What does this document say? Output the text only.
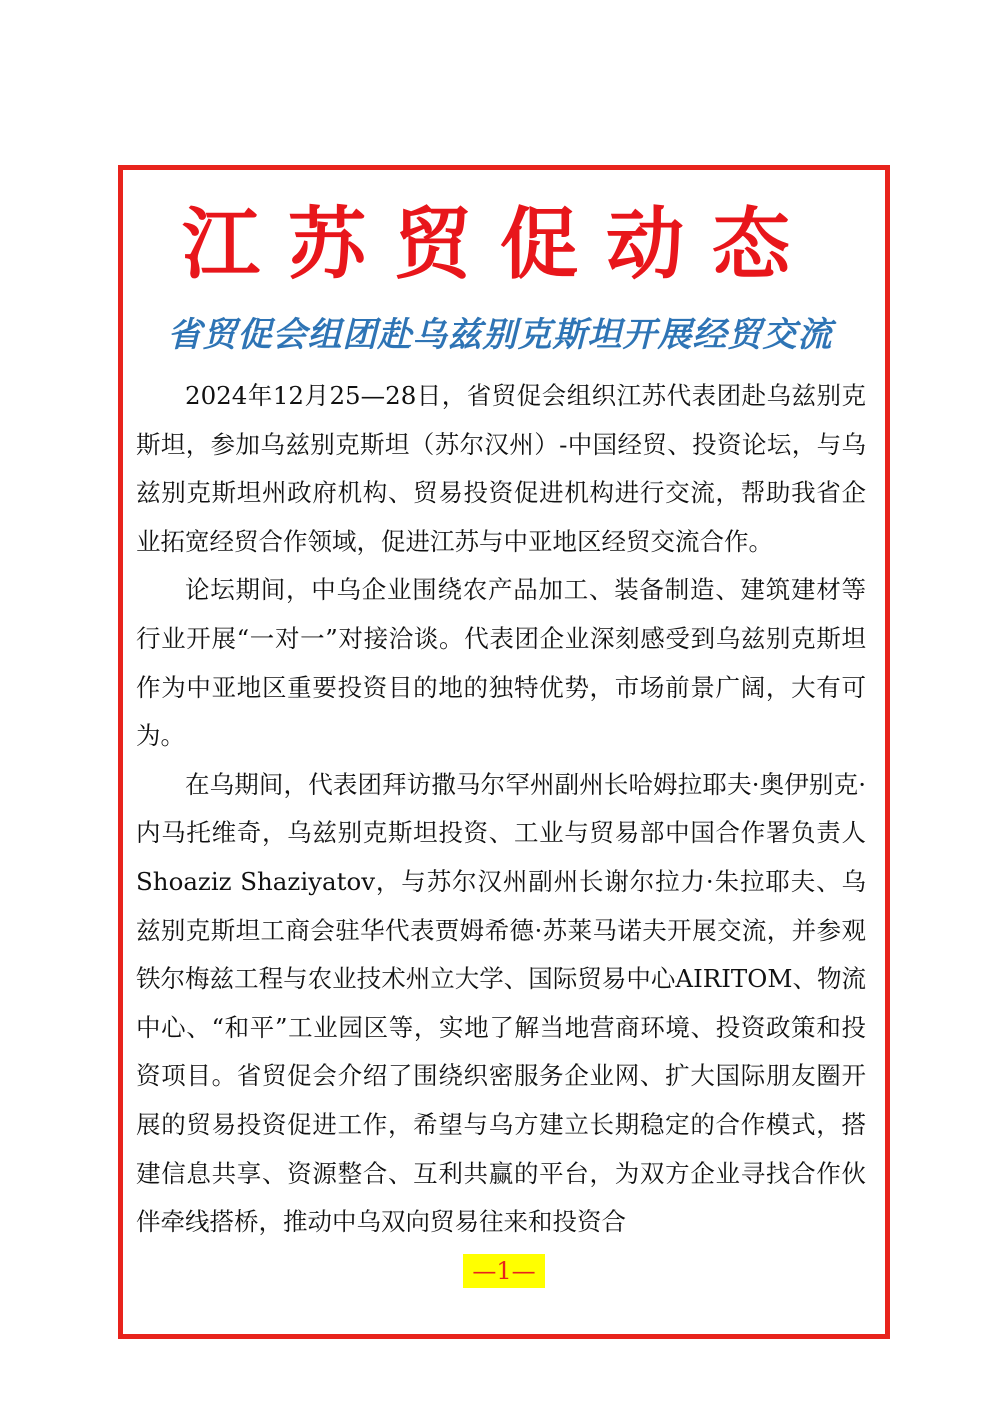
江苏贸促动态
省贸促会组团赴乌兹别克斯坦开展经贸交流

2024年12月25—28日，省贸促会组织江苏代表团赴乌兹别克斯坦，参加乌兹别克斯坦（苏尔汉州）-中国经贸、投资论坛，与乌兹别克斯坦州政府机构、贸易投资促进机构进行交流，帮助我省企业拓宽经贸合作领域，促进江苏与中亚地区经贸交流合作。

论坛期间，中乌企业围绕农产品加工、装备制造、建筑建材等行业开展“一对一”对接洽谈。代表团企业深刻感受到乌兹别克斯坦作为中亚地区重要投资目的地的独特优势，市场前景广阔，大有可为。

在乌期间，代表团拜访撒马尔罕州副州长哈姆拉耶夫·奥伊别克·内马托维奇，乌兹别克斯坦投资、工业与贸易部中国合作署负责人Shoaziz Shaziyatov，与苏尔汉州副州长谢尔拉力·朱拉耶夫、乌兹别克斯坦工商会驻华代表贾姆希德·苏莱马诺夫开展交流，并参观铁尔梅兹工程与农业技术州立大学、国际贸易中心AIRITOM、物流中心、“和平”工业园区等，实地了解当地营商环境、投资政策和投资项目。省贸促会介绍了围绕织密服务企业网、扩大国际朋友圈开展的贸易投资促进工作，希望与乌方建立长期稳定的合作模式，搭建信息共享、资源整合、互利共赢的平台，为双方企业寻找合作伙伴牵线搭桥，推动中乌双向贸易往来和投资合

—1—
